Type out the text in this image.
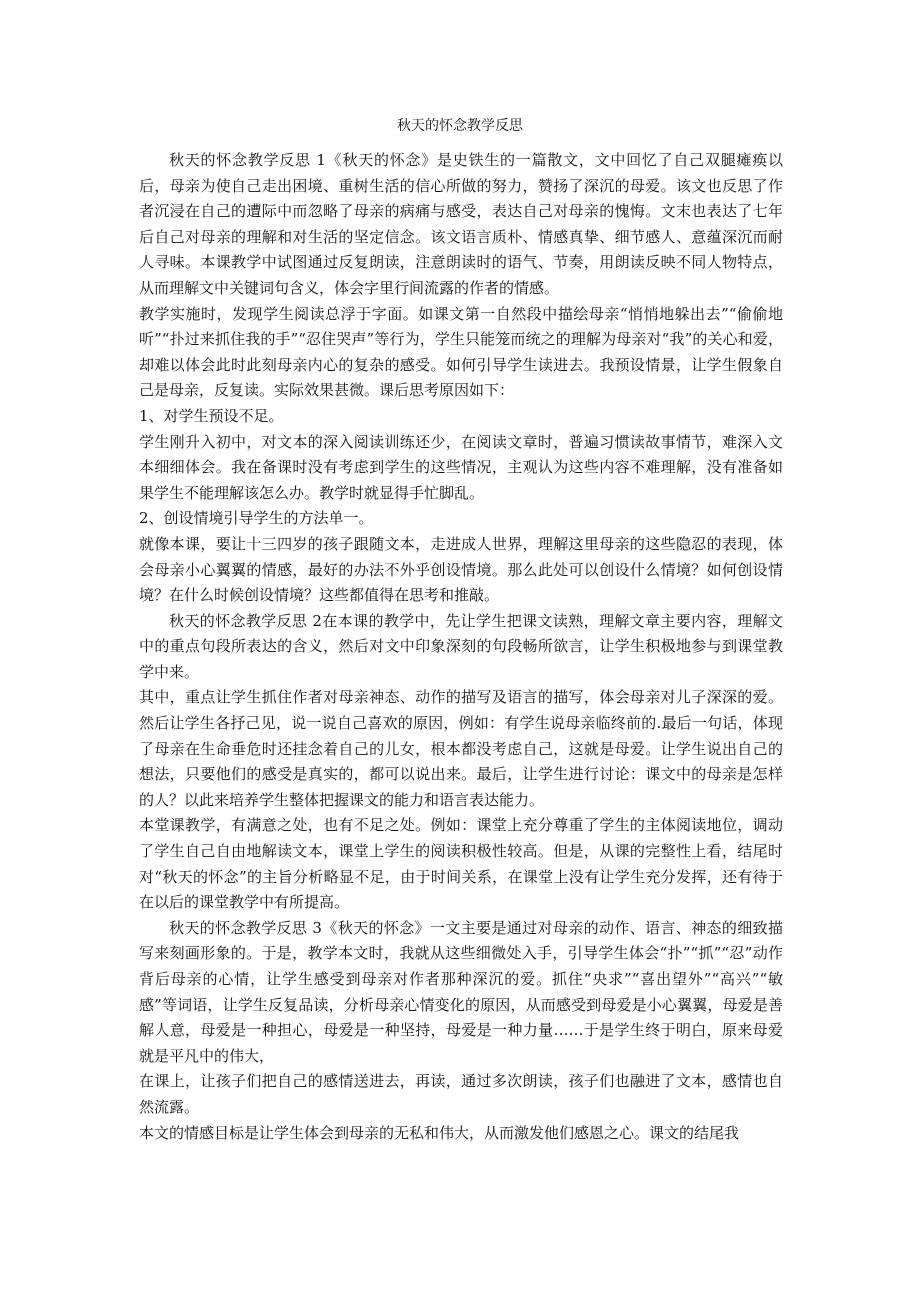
秋天的怀念教学反思

秋天的怀念教学反思 1《秋天的怀念》是史铁生的一篇散文，文中回忆了自己双腿瘫痪以后，母亲为使自己走出困境、重树生活的信心所做的努力，赞扬了深沉的母爱。该文也反思了作者沉浸在自己的遭际中而忽略了母亲的病痛与感受，表达自己对母亲的愧悔。文末也表达了七年后自己对母亲的理解和对生活的坚定信念。该文语言质朴、情感真挚、细节感人、意蕴深沉而耐人寻味。本课教学中试图通过反复朗读，注意朗读时的语气、节奏，用朗读反映不同人物特点，从而理解文中关键词句含义，体会字里行间流露的作者的情感。

教学实施时，发现学生阅读总浮于字面。如课文第一自然段中描绘母亲“悄悄地躲出去”“偷偷地听”“扑过来抓住我的手”“忍住哭声”等行为，学生只能笼而统之的理解为母亲对“我”的关心和爱，却难以体会此时此刻母亲内心的复杂的感受。如何引导学生读进去。我预设情景，让学生假象自己是母亲，反复读。实际效果甚微。课后思考原因如下：

1、对学生预设不足。

学生刚升入初中，对文本的深入阅读训练还少，在阅读文章时，普遍习惯读故事情节，难深入文本细细体会。我在备课时没有考虑到学生的这些情况，主观认为这些内容不难理解，没有准备如果学生不能理解该怎么办。教学时就显得手忙脚乱。

2、创设情境引导学生的方法单一。

就像本课，要让十三四岁的孩子跟随文本，走进成人世界，理解这里母亲的这些隐忍的表现，体会母亲小心翼翼的情感，最好的办法不外乎创设情境。那么此处可以创设什么情境？如何创设情境？在什么时候创设情境？这些都值得在思考和推敲。

秋天的怀念教学反思 2在本课的教学中，先让学生把课文读熟，理解文章主要内容，理解文中的重点句段所表达的含义，然后对文中印象深刻的句段畅所欲言，让学生积极地参与到课堂教学中来。

其中，重点让学生抓住作者对母亲神态、动作的描写及语言的描写，体会母亲对儿子深深的爱。然后让学生各抒己见，说一说自己喜欢的原因，例如：有学生说母亲临终前的.最后一句话，体现了母亲在生命垂危时还挂念着自己的儿女，根本都没考虑自己，这就是母爱。让学生说出自己的想法，只要他们的感受是真实的，都可以说出来。最后，让学生进行讨论：课文中的母亲是怎样的人？以此来培养学生整体把握课文的能力和语言表达能力。

本堂课教学，有满意之处，也有不足之处。例如：课堂上充分尊重了学生的主体阅读地位，调动了学生自己自由地解读文本，课堂上学生的阅读积极性较高。但是，从课的完整性上看，结尾时对“秋天的怀念”的主旨分析略显不足，由于时间关系，在课堂上没有让学生充分发挥，还有待于在以后的课堂教学中有所提高。

秋天的怀念教学反思 3《秋天的怀念》一文主要是通过对母亲的动作、语言、神态的细致描写来刻画形象的。于是，教学本文时，我就从这些细微处入手，引导学生体会“扑”“抓”“忍”动作背后母亲的心情，让学生感受到母亲对作者那种深沉的爱。抓住“央求”“喜出望外”“高兴”“敏感”等词语，让学生反复品读，分析母亲心情变化的原因，从而感受到母爱是小心翼翼，母爱是善解人意，母爱是一种担心，母爱是一种坚持，母爱是一种力量……于是学生终于明白，原来母爱就是平凡中的伟大，

在课上，让孩子们把自己的感情送进去，再读，通过多次朗读，孩子们也融进了文本，感情也自然流露。

本文的情感目标是让学生体会到母亲的无私和伟大，从而激发他们感恩之心。课文的结尾我
